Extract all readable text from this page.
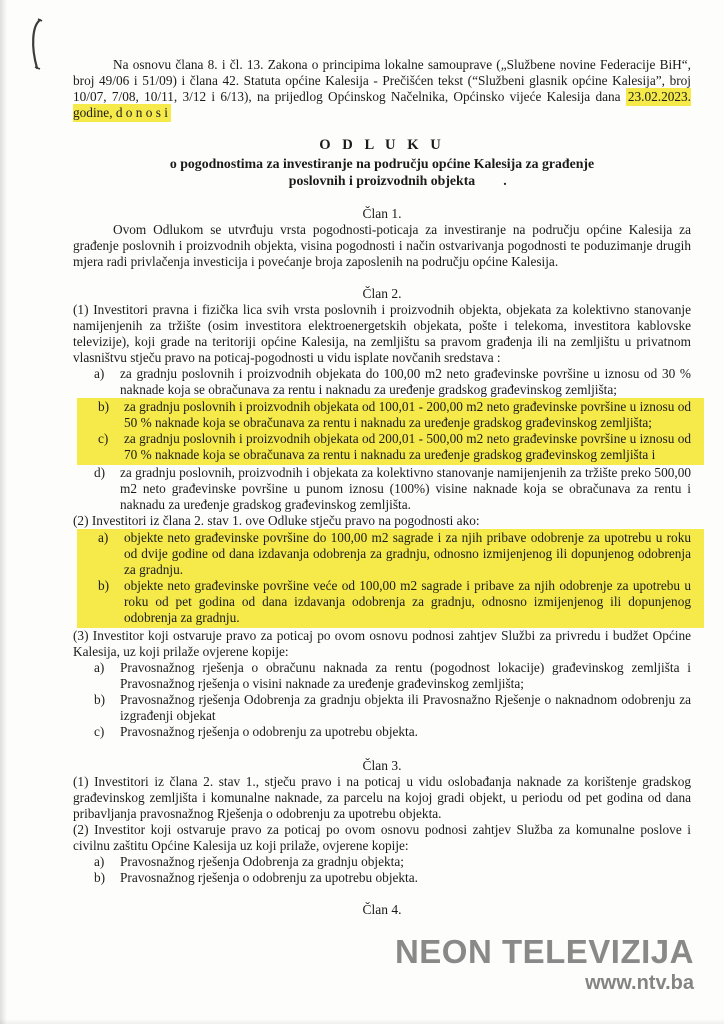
Na osnovu člana 8. i čl. 13. Zakona o principima lokalne samouprave („Službene novine Federacije BiH“, broj 49/06 i 51/09) i člana 42. Statuta općine Kalesija - Prečišćen tekst (“Službeni glasnik općine Kalesija”, broj 10/07, 7/08, 10/11, 3/12 i 6/13), na prijedlog Općinskog Načelnika, Općinsko vijeće Kalesija dana 23.02.2023. godine, d o n o s i
O D L U K U
o pogodnostima za investiranje na području općine Kalesija za građenje
poslovnih i proizvodnih objekta .
Član 1.
Ovom Odlukom se utvrđuju vrsta pogodnosti-poticaja za investiranje na području općine Kalesija za građenje poslovnih i proizvodnih objekta, visina pogodnosti i način ostvarivanja pogodnosti te poduzimanje drugih mjera radi privlačenja investicija i povećanje broja zaposlenih na području općine Kalesija.
Član 2.
(1) Investitori pravna i fizička lica svih vrsta poslovnih i proizvodnih objekta, objekata za kolektivno stanovanje namijenjenih za tržište (osim investitora elektroenergetskih objekata, pošte i telekoma, investitora kablovske televizije), koji grade na teritoriji općine Kalesija, na zemljištu sa pravom građenja ili na zemljištu u privatnom vlasništvu stječu pravo na poticaj-pogodnosti u vidu isplate novčanih sredstava :
a)	za gradnju poslovnih i proizvodnih objekata do 100,00 m2 neto građevinske površine u iznosu od 30 % naknade koja se obračunava za rentu i naknadu za uređenje gradskog građevinskog zemljišta;
b)	za gradnju poslovnih i proizvodnih objekata od 100,01 - 200,00 m2 neto građevinske površine u iznosu od 50 % naknade koja se obračunava za rentu i naknadu za uređenje gradskog građevinskog zemljišta;
c)	za gradnju poslovnih i proizvodnih objekata od 200,01 - 500,00 m2 neto građevinske površine u iznosu od 70 % naknade koja se obračunava za rentu i naknadu za uređenje gradskog građevinskog zemljišta i
d)	za gradnju poslovnih, proizvodnih i objekata za kolektivno stanovanje namijenjenih za tržište preko 500,00 m2 neto građevinske površine u punom iznosu (100%) visine naknade koja se obračunava za rentu i naknadu za uređenje gradskog građevinskog zemljišta.
(2) Investitori iz člana 2. stav 1. ove Odluke stječu pravo na pogodnosti ako:
a)	objekte neto građevinske površine do 100,00 m2 sagrade i za njih pribave odobrenje za upotrebu u roku od dvije godine od dana izdavanja odobrenja za gradnju, odnosno izmijenjenog ili dopunjenog odobrenja za gradnju.
b)	objekte neto građevinske površine veće od 100,00 m2 sagrade i pribave za njih odobrenje za upotrebu u roku od pet godina od dana izdavanja odobrenja za gradnju, odnosno izmijenjenog ili dopunjenog odobrenja za gradnju.
(3) Investitor koji ostvaruje pravo za poticaj po ovom osnovu podnosi zahtjev Službi za privredu i budžet Općine Kalesija, uz koji prilaže ovjerene kopije:
a)	Pravosnažnog rješenja o obračunu naknada za rentu (pogodnost lokacije) građevinskog zemljišta i Pravosnažnog rješenja o visini naknade za uređenje građevinskog zemljišta;
b)	Pravosnažnog rješenja Odobrenja za gradnju objekta ili Pravosnažno Rješenje o naknadnom odobrenju za izgrađenji objekat
c)	Pravosnažnog rješenja o odobrenju za upotrebu objekta.
Član 3.
(1) Investitori iz člana 2. stav 1., stječu pravo i na poticaj u vidu oslobađanja naknade za korištenje gradskog građevinskog zemljišta i komunalne naknade, za parcelu na kojoj gradi objekt, u periodu od pet godina od dana pribavljanja pravosnažnog Rješenja o odobrenju za upotrebu objekta.
(2) Investitor koji ostvaruje pravo za poticaj po ovom osnovu podnosi zahtjev Služba za komunalne poslove i civilnu zaštitu Općine Kalesija uz koji prilaže, ovjerene kopije:
a)	Pravosnažnog rješenja Odobrenja za gradnju objekta;
b)	Pravosnažnog rješenja o odobrenju za upotrebu objekta.
Član 4.
NEON TELEVIZIJA
www.ntv.ba
